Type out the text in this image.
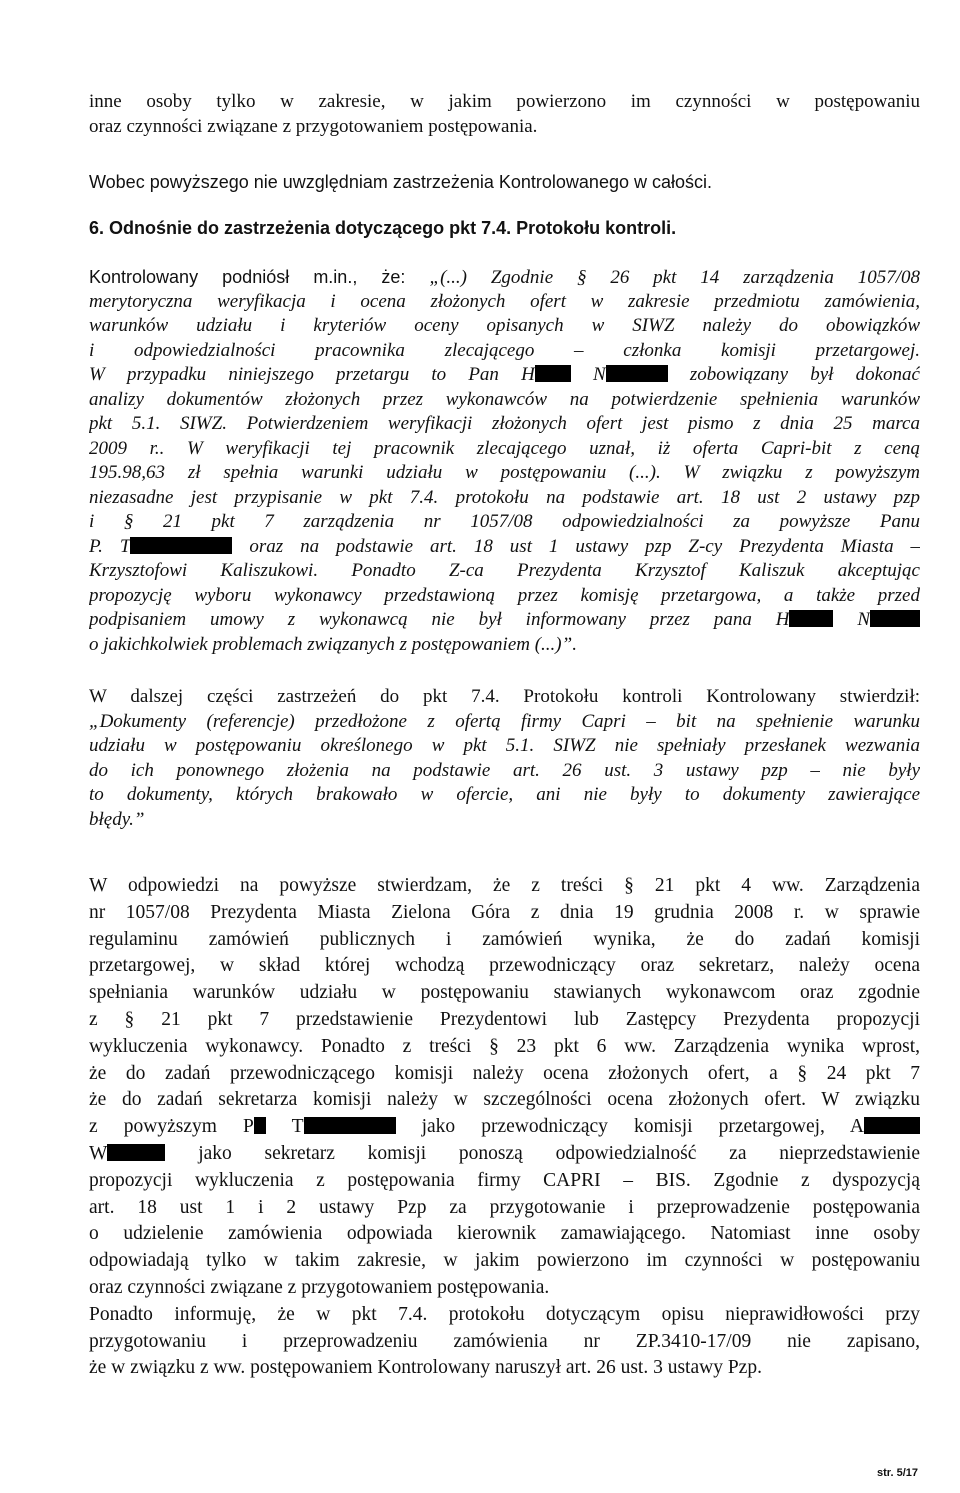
inne osoby tylko w zakresie, w jakim powierzono im czynności w postępowaniu
oraz czynności związane z przygotowaniem postępowania.
Wobec powyższego nie uwzględniam zastrzeżenia Kontrolowanego w całości.
6. Odnośnie do zastrzeżenia dotyczącego pkt 7.4. Protokołu kontroli.
Kontrolowany podniósł m.in., że: „(...) Zgodnie § 26 pkt 14 zarządzenia 1057/08
merytoryczna weryfikacja i ocena złożonych ofert w zakresie przedmiotu zamówienia,
warunków udziału i kryteriów oceny opisanych w SIWZ należy do obowiązków
i odpowiedzialności pracownika zlecającego – członka komisji przetargowej.
W przypadku niniejszego przetargu to Pan H	N	zobowiązany był dokonać
analizy dokumentów złożonych przez wykonawców na potwierdzenie spełnienia warunków
pkt 5.1. SIWZ. Potwierdzeniem weryfikacji złożonych ofert jest pismo z dnia 25 marca
2009 r.. W weryfikacji tej pracownik zlecającego uznał, iż oferta Capri-bit z ceną
195.98,63 zł spełnia warunki udziału w postępowaniu (...). W związku z powyższym
niezasadne jest przypisanie w pkt 7.4. protokołu na podstawie art. 18 ust 2 ustawy pzp
i § 21 pkt 7 zarządzenia nr 1057/08 odpowiedzialności za powyższe Panu
P. T	oraz na podstawie art. 18 ust 1 ustawy pzp Z-cy Prezydenta Miasta –
Krzysztofowi Kaliszukowi. Ponadto Z-ca Prezydenta Krzysztof Kaliszuk akceptując
propozycję wyboru wykonawcy przedstawioną przez komisję przetargowa, a także przed
podpisaniem umowy z wykonawcą nie był informowany przez pana H	N
o jakichkolwiek problemach związanych z postępowaniem (...)”.
W dalszej części zastrzeżeń do pkt 7.4. Protokołu kontroli Kontrolowany stwierdził:
„Dokumenty (referencje) przedłożone z ofertą firmy Capri – bit na spełnienie warunku
udziału w postępowaniu określonego w pkt 5.1. SIWZ nie spełniały przesłanek wezwania
do ich ponownego złożenia na podstawie art. 26 ust. 3 ustawy pzp – nie były
to dokumenty, których brakowało w ofercie, ani nie były to dokumenty zawierające
błędy.”
W odpowiedzi na powyższe stwierdzam, że z treści § 21 pkt 4 ww. Zarządzenia
nr 1057/08 Prezydenta Miasta Zielona Góra z dnia 19 grudnia 2008 r. w sprawie
regulaminu zamówień publicznych i zamówień wynika, że do zadań komisji
przetargowej, w skład której wchodzą przewodniczący oraz sekretarz, należy ocena
spełniania warunków udziału w postępowaniu stawianych wykonawcom oraz zgodnie
z § 21 pkt 7 przedstawienie Prezydentowi lub Zastępcy Prezydenta propozycji
wykluczenia wykonawcy. Ponadto z treści § 23 pkt 6 ww. Zarządzenia wynika wprost,
że do zadań przewodniczącego komisji należy ocena złożonych ofert, a § 24 pkt 7
że do zadań sekretarza komisji należy w szczególności ocena złożonych ofert. W związku
z powyższym P T	jako przewodniczący komisji przetargowej, A
W	jako sekretarz komisji ponoszą odpowiedzialność za nieprzedstawienie
propozycji wykluczenia z postępowania firmy CAPRI – BIS. Zgodnie z dyspozycją
art. 18 ust 1 i 2 ustawy Pzp za przygotowanie i przeprowadzenie postępowania
o udzielenie zamówienia odpowiada kierownik zamawiającego. Natomiast inne osoby
odpowiadają tylko w takim zakresie, w jakim powierzono im czynności w postępowaniu
oraz czynności związane z przygotowaniem postępowania.
Ponadto informuję, że w pkt 7.4. protokołu dotyczącym opisu nieprawidłowości przy
przygotowaniu i przeprowadzeniu zamówienia nr ZP.3410-17/09 nie zapisano,
że w związku z ww. postępowaniem Kontrolowany naruszył art. 26 ust. 3 ustawy Pzp.
str. 5/17
